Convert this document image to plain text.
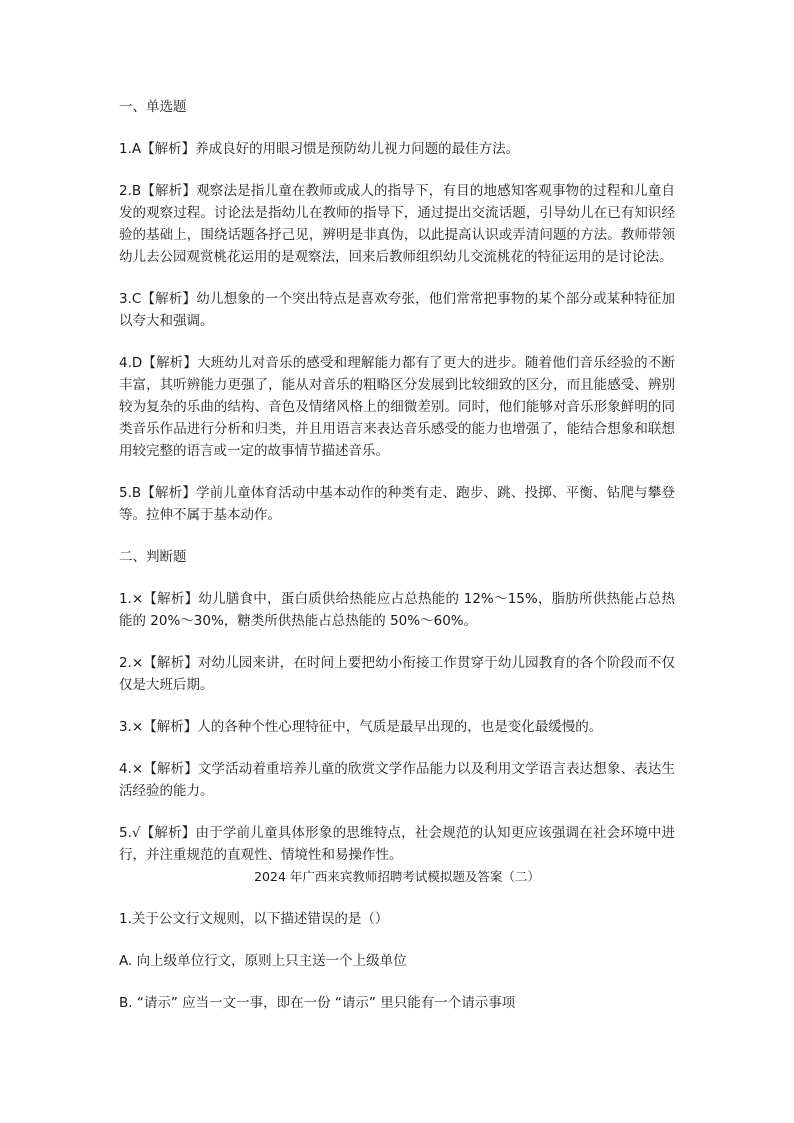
一、单选题

1.A【解析】养成良好的用眼习惯是预防幼儿视力问题的最佳方法。

2.B【解析】观察法是指儿童在教师或成人的指导下，有目的地感知客观事物的过程和儿童自发的观察过程。讨论法是指幼儿在教师的指导下，通过提出交流话题，引导幼儿在已有知识经验的基础上，围绕话题各抒己见，辨明是非真伪，以此提高认识或弄清问题的方法。教师带领幼儿去公园观赏桃花运用的是观察法，回来后教师组织幼儿交流桃花的特征运用的是讨论法。

3.C【解析】幼儿想象的一个突出特点是喜欢夸张，他们常常把事物的某个部分或某种特征加以夸大和强调。

4.D【解析】大班幼儿对音乐的感受和理解能力都有了更大的进步。随着他们音乐经验的不断丰富，其听辨能力更强了，能从对音乐的粗略区分发展到比较细致的区分，而且能感受、辨别较为复杂的乐曲的结构、音色及情绪风格上的细微差别。同时，他们能够对音乐形象鲜明的同类音乐作品进行分析和归类，并且用语言来表达音乐感受的能力也增强了，能结合想象和联想用较完整的语言或一定的故事情节描述音乐。

5.B【解析】学前儿童体育活动中基本动作的种类有走、跑步、跳、投掷、平衡、钻爬与攀登等。拉伸不属于基本动作。

二、判断题

1.×【解析】幼儿膳食中，蛋白质供给热能应占总热能的 12%～15%，脂肪所供热能占总热能的 20%～30%，糖类所供热能占总热能的 50%～60%。

2.×【解析】对幼儿园来讲，在时间上要把幼小衔接工作贯穿于幼儿园教育的各个阶段而不仅仅是大班后期。

3.×【解析】人的各种个性心理特征中，气质是最早出现的，也是变化最缓慢的。

4.×【解析】文学活动着重培养儿童的欣赏文学作品能力以及利用文学语言表达想象、表达生活经验的能力。

5.√【解析】由于学前儿童具体形象的思维特点，社会规范的认知更应该强调在社会环境中进行，并注重规范的直观性、情境性和易操作性。

2024 年广西来宾教师招聘考试模拟题及答案（二）

1.关于公文行文规则，以下描述错误的是（）

A. 向上级单位行文，原则上只主送一个上级单位

B. “请示” 应当一文一事，即在一份 “请示” 里只能有一个请示事项
